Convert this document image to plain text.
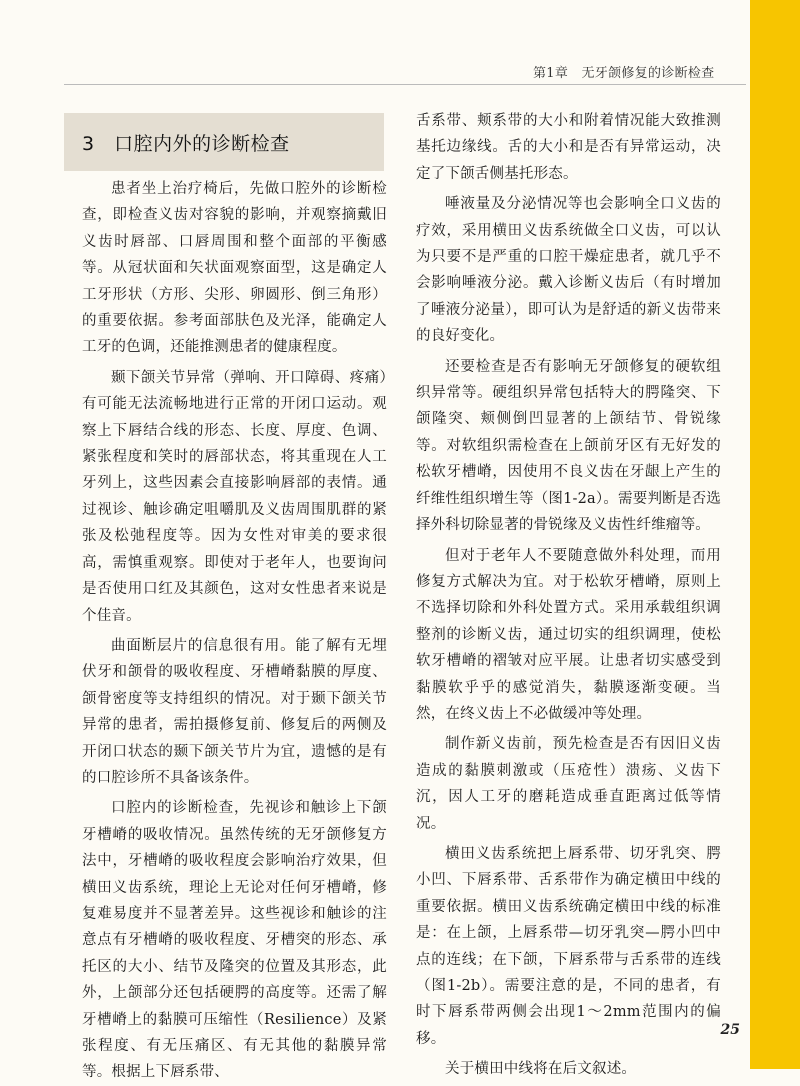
第1章　无牙颌修复的诊断检查
3　口腔内外的诊断检查

患者坐上治疗椅后，先做口腔外的诊断检查，即检查义齿对容貌的影响，并观察摘戴旧义齿时唇部、口唇周围和整个面部的平衡感等。从冠状面和矢状面观察面型，这是确定人工牙形状（方形、尖形、卵圆形、倒三角形）的重要依据。参考面部肤色及光泽，能确定人工牙的色调，还能推测患者的健康程度。

颞下颌关节异常（弹响、开口障碍、疼痛）有可能无法流畅地进行正常的开闭口运动。观察上下唇结合线的形态、长度、厚度、色调、紧张程度和笑时的唇部状态，将其重现在人工牙列上，这些因素会直接影响唇部的表情。通过视诊、触诊确定咀嚼肌及义齿周围肌群的紧张及松弛程度等。因为女性对审美的要求很高，需慎重观察。即使对于老年人，也要询问是否使用口红及其颜色，这对女性患者来说是个佳音。

曲面断层片的信息很有用。能了解有无埋伏牙和颌骨的吸收程度、牙槽嵴黏膜的厚度、颌骨密度等支持组织的情况。对于颞下颌关节异常的患者，需拍摄修复前、修复后的两侧及开闭口状态的颞下颌关节片为宜，遗憾的是有的口腔诊所不具备该条件。

口腔内的诊断检查，先视诊和触诊上下颌牙槽嵴的吸收情况。虽然传统的无牙颌修复方法中，牙槽嵴的吸收程度会影响治疗效果，但横田义齿系统，理论上无论对任何牙槽嵴，修复难易度并不显著差异。这些视诊和触诊的注意点有牙槽嵴的吸收程度、牙槽突的形态、承托区的大小、结节及隆突的位置及其形态，此外，上颌部分还包括硬腭的高度等。还需了解牙槽嵴上的黏膜可压缩性（Resilience）及紧张程度、有无压痛区、有无其他的黏膜异常等。根据上下唇系带、

舌系带、颊系带的大小和附着情况能大致推测基托边缘线。舌的大小和是否有异常运动，决定了下颌舌侧基托形态。

唾液量及分泌情况等也会影响全口义齿的疗效，采用横田义齿系统做全口义齿，可以认为只要不是严重的口腔干燥症患者，就几乎不会影响唾液分泌。戴入诊断义齿后（有时增加了唾液分泌量），即可认为是舒适的新义齿带来的良好变化。

还要检查是否有影响无牙颌修复的硬软组织异常等。硬组织异常包括特大的腭隆突、下颌隆突、颊侧倒凹显著的上颌结节、骨锐缘等。对软组织需检查在上颌前牙区有无好发的松软牙槽嵴，因使用不良义齿在牙龈上产生的纤维性组织增生等（图1-2a）。需要判断是否选择外科切除显著的骨锐缘及义齿性纤维瘤等。

但对于老年人不要随意做外科处理，而用修复方式解决为宜。对于松软牙槽嵴，原则上不选择切除和外科处置方式。采用承载组织调整剂的诊断义齿，通过切实的组织调理，使松软牙槽嵴的褶皱对应平展。让患者切实感受到黏膜软乎乎的感觉消失，黏膜逐渐变硬。当然，在终义齿上不必做缓冲等处理。

制作新义齿前，预先检查是否有因旧义齿造成的黏膜刺激或（压疮性）溃疡、义齿下沉，因人工牙的磨耗造成垂直距离过低等情况。

横田义齿系统把上唇系带、切牙乳突、腭小凹、下唇系带、舌系带作为确定横田中线的重要依据。横田义齿系统确定横田中线的标准是：在上颌，上唇系带—切牙乳突—腭小凹中点的连线；在下颌，下唇系带与舌系带的连线（图1-2b）。需要注意的是，不同的患者，有时下唇系带两侧会出现1～2mm范围内的偏移。

关于横田中线将在后文叙述。

25
